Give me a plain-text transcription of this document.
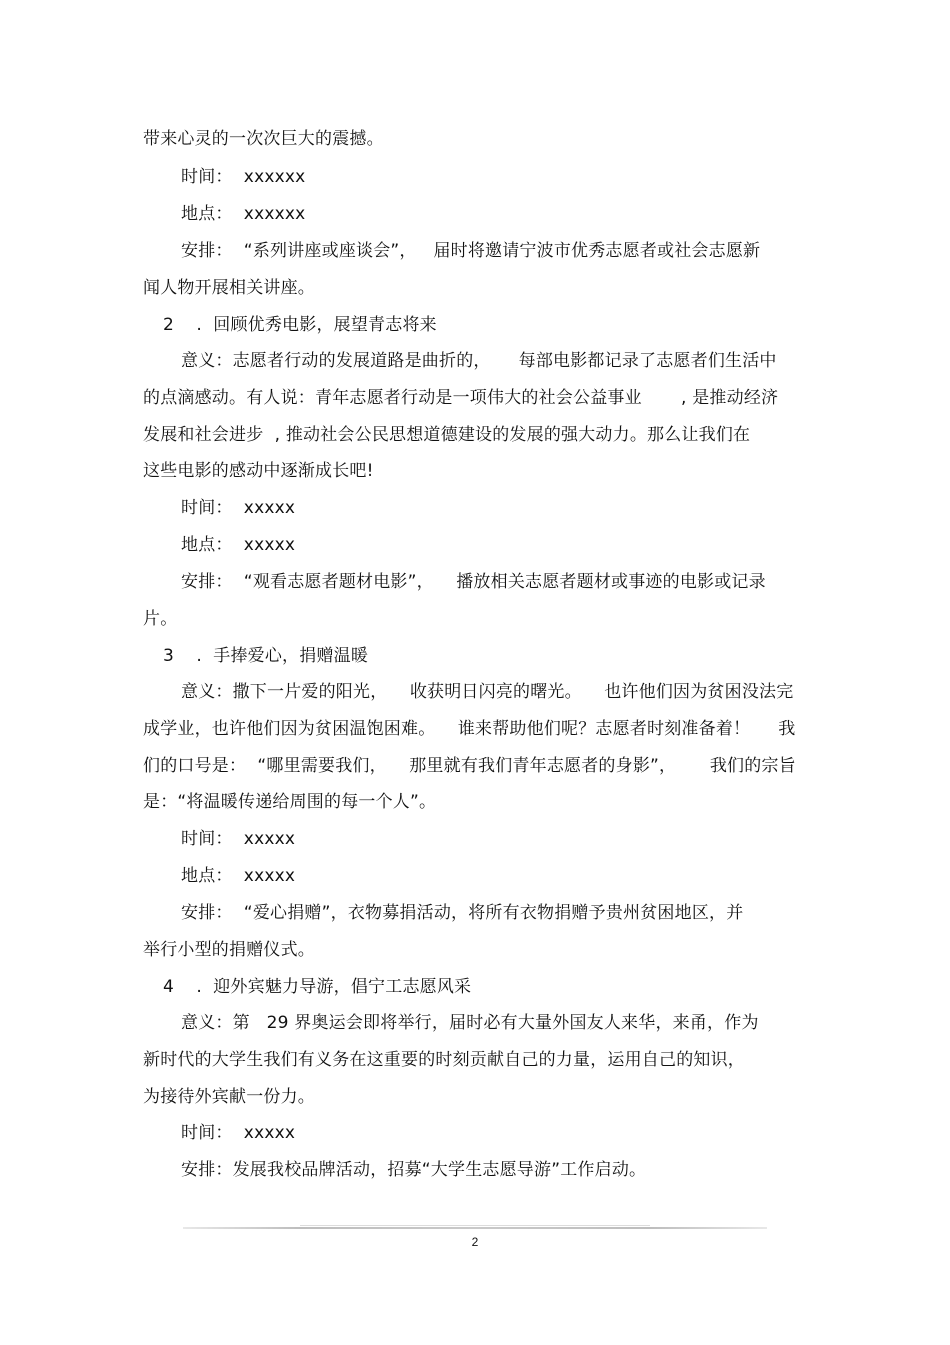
带来心灵的一次次巨大的震撼。
时间：  xxxxxx
地点：  xxxxxx
安排：  “系列讲座或座谈会”，   届时将邀请宁波市优秀志愿者或社会志愿新
闻人物开展相关讲座。
2    .  回顾优秀电影，展望青志将来
意义：志愿者行动的发展道路是曲折的，     每部电影都记录了志愿者们生活中
的点滴感动。有人说：青年志愿者行动是一项伟大的社会公益事业       , 是推动经济
发展和社会进步  , 推动社会公民思想道德建设的发展的强大动力。那么让我们在
这些电影的感动中逐渐成长吧!
时间：  xxxxx
地点：  xxxxx
安排：  “观看志愿者题材电影”，    播放相关志愿者题材或事迹的电影或记录
片。
3    .  手捧爱心，捐赠温暖
意义：撒下一片爱的阳光，    收获明日闪亮的曙光。    也许他们因为贫困没法完
成学业，也许他们因为贫困温饱困难。    谁来帮助他们呢？志愿者时刻准备着！     我
们的口号是：  “哪里需要我们，    那里就有我们青年志愿者的身影”，      我们的宗旨
是：“将温暖传递给周围的每一个人”。
时间：  xxxxx
地点：  xxxxx
安排：  “爱心捐赠”，衣物募捐活动，将所有衣物捐赠予贵州贫困地区，并
举行小型的捐赠仪式。
4    .  迎外宾魅力导游，倡宁工志愿风采
意义：第   29 界奥运会即将举行，届时必有大量外国友人来华，来甬，作为
新时代的大学生我们有义务在这重要的时刻贡献自己的力量，运用自己的知识，
为接待外宾献一份力。
时间：  xxxxx
安排：发展我校品牌活动，招募“大学生志愿导游”工作启动。
2
